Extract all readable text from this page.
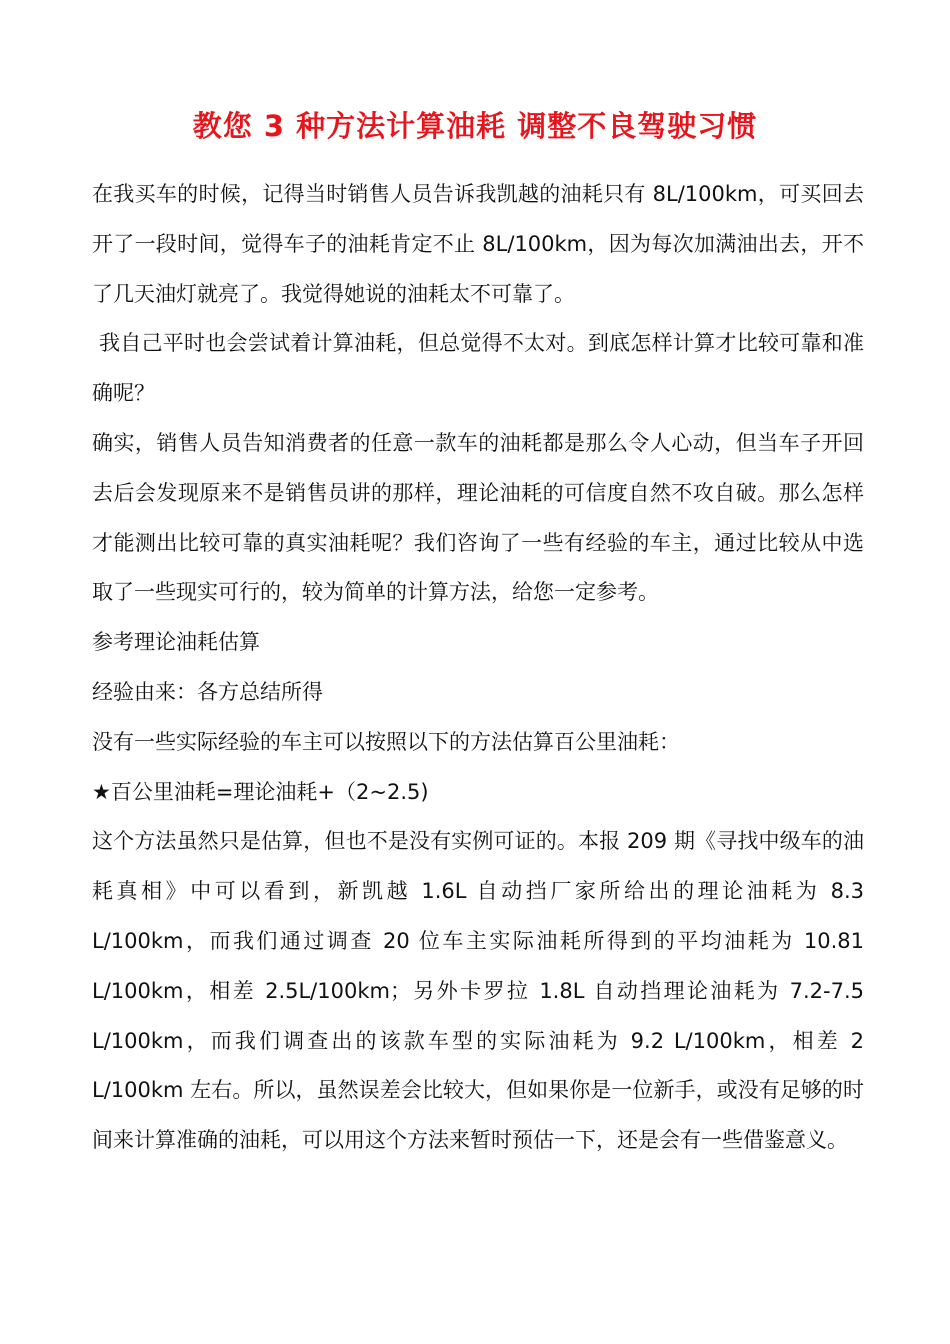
教您 3 种方法计算油耗 调整不良驾驶习惯

在我买车的时候，记得当时销售人员告诉我凯越的油耗只有 8L/100km，可买回去开了一段时间，觉得车子的油耗肯定不止 8L/100km，因为每次加满油出去，开不了几天油灯就亮了。我觉得她说的油耗太不可靠了。

我自己平时也会尝试着计算油耗，但总觉得不太对。到底怎样计算才比较可靠和准确呢？

确实，销售人员告知消费者的任意一款车的油耗都是那么令人心动，但当车子开回去后会发现原来不是销售员讲的那样，理论油耗的可信度自然不攻自破。那么怎样才能测出比较可靠的真实油耗呢？我们咨询了一些有经验的车主，通过比较从中选取了一些现实可行的，较为简单的计算方法，给您一定参考。

参考理论油耗估算

经验由来：各方总结所得

没有一些实际经验的车主可以按照以下的方法估算百公里油耗：

★百公里油耗=理论油耗+（2~2.5)

这个方法虽然只是估算，但也不是没有实例可证的。本报 209 期《寻找中级车的油耗真相》中可以看到，新凯越 1.6L 自动挡厂家所给出的理论油耗为 8.3 L/100km，而我们通过调查 20 位车主实际油耗所得到的平均油耗为 10.81 L/100km，相差 2.5L/100km；另外卡罗拉 1.8L 自动挡理论油耗为 7.2-7.5 L/100km，而我们调查出的该款车型的实际油耗为 9.2 L/100km，相差 2 L/100km 左右。所以，虽然误差会比较大，但如果你是一位新手，或没有足够的时间来计算准确的油耗，可以用这个方法来暂时预估一下，还是会有一些借鉴意义。
